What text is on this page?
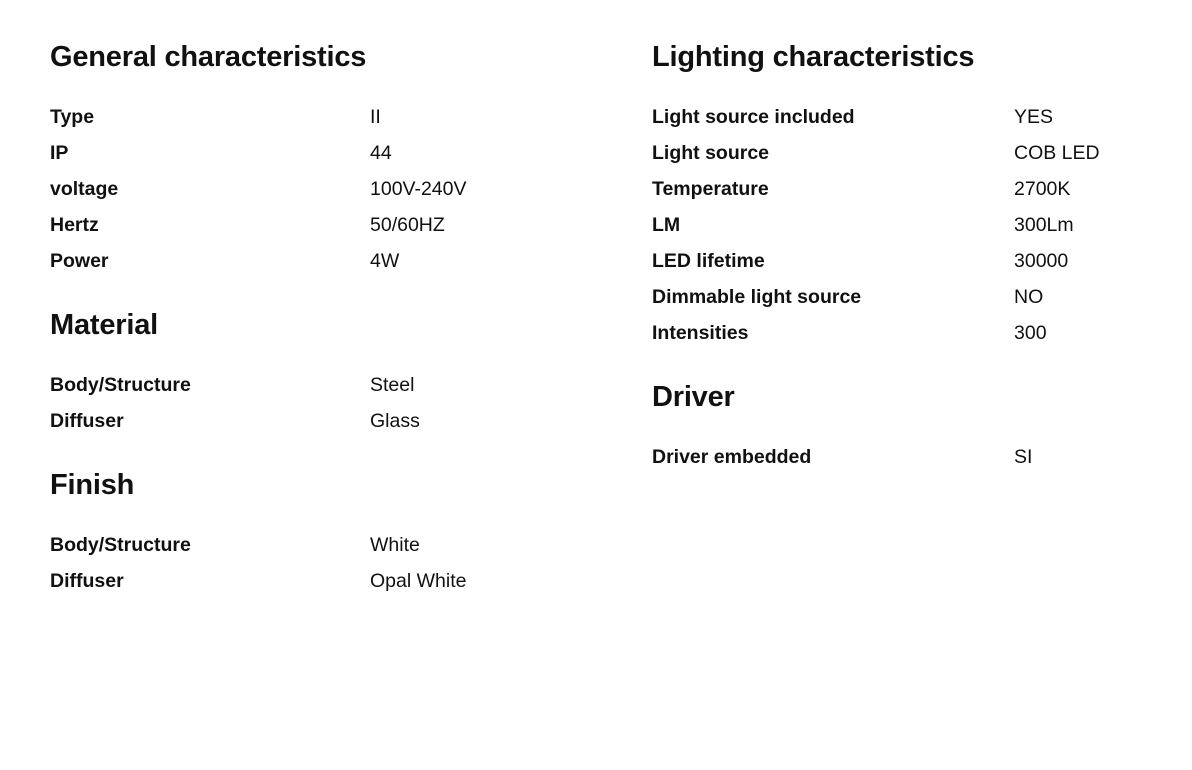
General characteristics
Type	II
IP	44
voltage	100V-240V
Hertz	50/60HZ
Power	4W
Material
Body/Structure	Steel
Diffuser	Glass
Finish
Body/Structure	White
Diffuser	Opal White
Lighting characteristics
Light source included	YES
Light source	COB LED
Temperature	2700K
LM	300Lm
LED lifetime	30000
Dimmable light source	NO
Intensities	300
Driver
Driver embedded	SI
